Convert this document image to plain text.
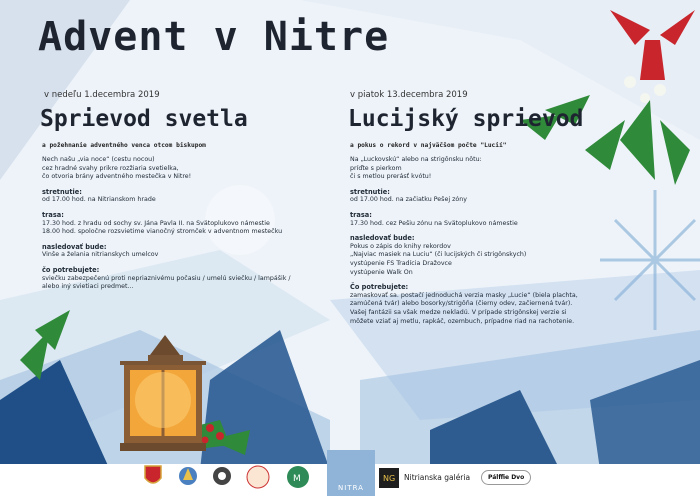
Advent v Nitre
v nedeľu 1.decembra 2019
Sprievod svetla
a požehnanie adventného venca otcom biskupom
Nech našu „via noce“ (cestu nocou)
cez hradné svahy prikre rozžiaria svetielka,
čo otvoria brány adventného mestečka v Nitre!
stretnutie:
od 17.00 hod. na Nitrianskom hrade
trasa:
17.30 hod. z hradu od sochy sv. Jána Pavla II. na Svätoplukovo námestie
18.00 hod. spoločne rozsvietime vianočný stromček v adventnom mestečku
nasledovať bude:
Vinše a želania nitrianskych umelcov
čo potrebujete:
sviečku zabezpečenú proti nepriaznivému počasiu / umelú sviečku / lampášik /
alebo iný svietiaci predmet...
v piatok 13.decembra 2019
Lucijský sprievod
a pokus o rekord v najväčšom počte "Lucií"
Na „Luckovskú“ alebo na strigônsku nôtu:
príďte s pierkom
či s metlou prerásť kvótu!
stretnutie:
od 17.00 hod. na začiatku Pešej zóny
trasa:
17.30 hod. cez Pešiu zónu na Svätoplukovo námestie
nasledovať bude:
Pokus o zápis do knihy rekordov
„Najviac masiek na Luciu“ (či lucijských či strigônskych)
vystúpenie FS Tradícia Dražovce
vystúpenie Walk On
Čo potrebujete:
zamaskovať sa. postačí jednoduchá verzia masky „Lucie“ (biela plachta,
zamúčená tvár) alebo bosorky/strigôňa (čierny odev, začiernená tvár).
Vašej fantázii sa však medze nekladú. V prípade strigônskej verzie si
môžete vziať aj metlu, rapkáč, ozembuch, prípadne riad na rachotenie.
M	NG
NITRA
Nitrianska galéria	Pálffie Dvo
